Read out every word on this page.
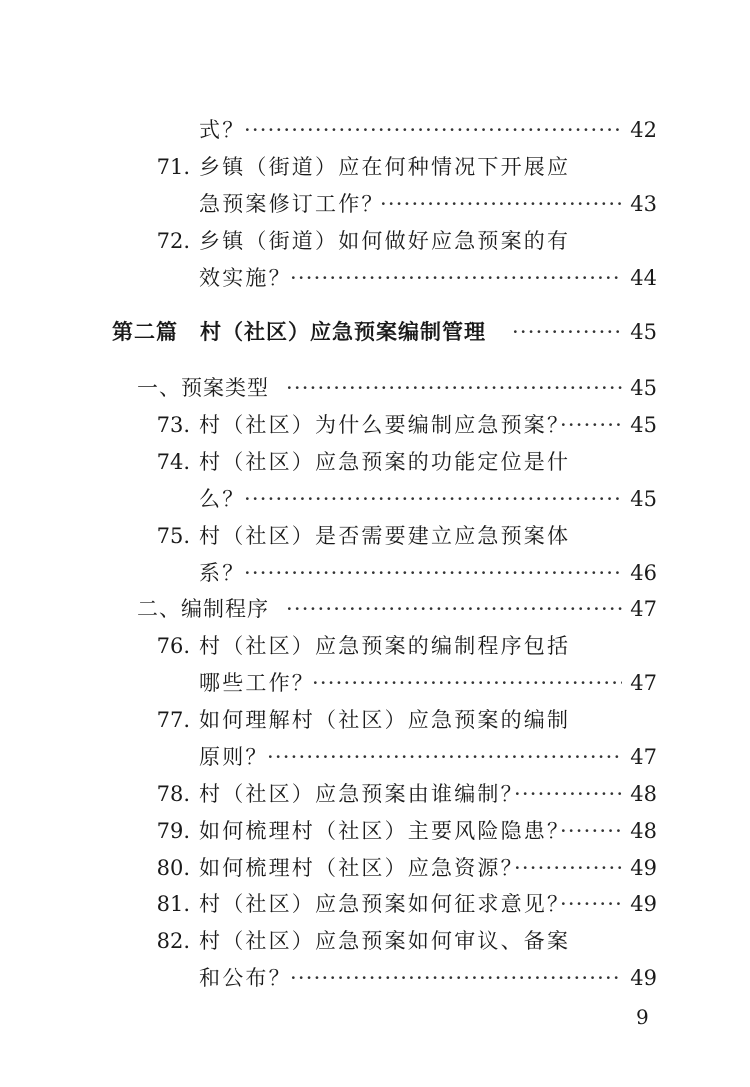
式？ ·····	42
71. 乡镇（街道）应在何种情况下开展应
急预案修订工作？ ·····	43
72. 乡镇（街道）如何做好应急预案的有
效实施？ ·····	44
第二篇　村（社区）应急预案编制管理 ·····	45
一、预案类型 ·····	45
73. 村（社区）为什么要编制应急预案？ ·····	45
74. 村（社区）应急预案的功能定位是什
么？ ·····	45
75. 村（社区）是否需要建立应急预案体
系？ ·····	46
二、编制程序 ·····	47
76. 村（社区）应急预案的编制程序包括
哪些工作？ ·····	47
77. 如何理解村（社区）应急预案的编制
原则？ ·····	47
78. 村（社区）应急预案由谁编制？ ·····	48
79. 如何梳理村（社区）主要风险隐患？ ·····	48
80. 如何梳理村（社区）应急资源？ ·····	49
81. 村（社区）应急预案如何征求意见？ ·····	49
82. 村（社区）应急预案如何审议、备案
和公布？ ·····	49
9
